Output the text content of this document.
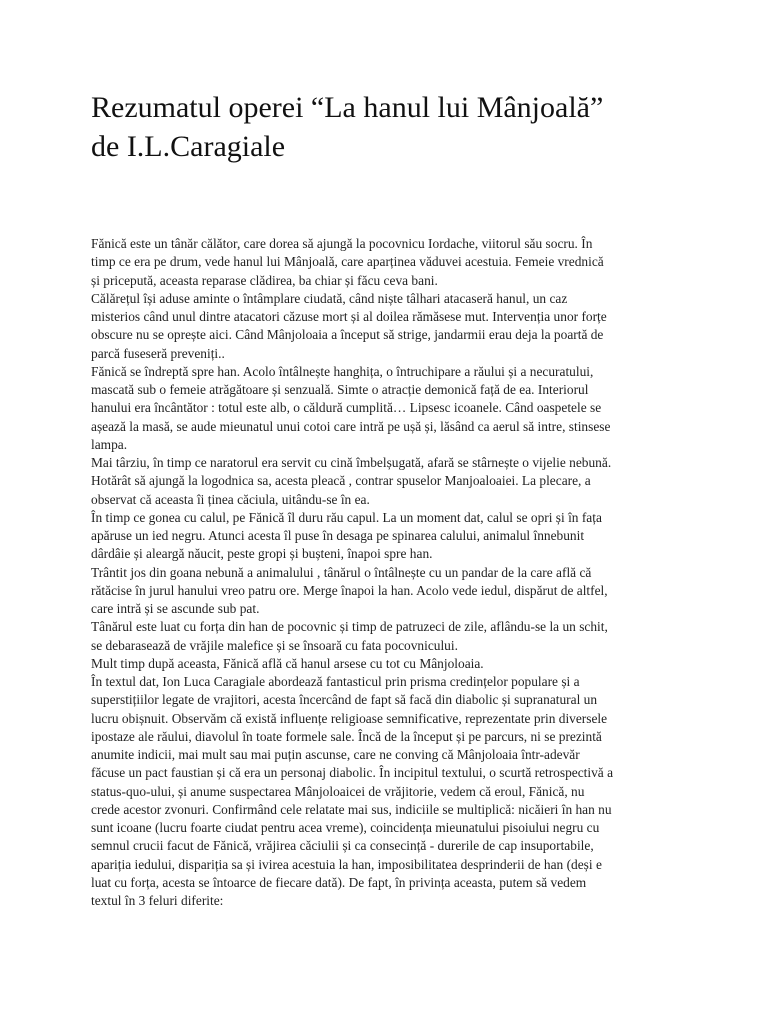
Rezumatul operei “La hanul lui Mânjoală”
de I.L.Caragiale
Fănică este un tânăr călător, care dorea să ajungă la pocovnicu Iordache, viitorul său socru. În
timp ce era pe drum, vede hanul lui Mânjoală, care aparținea văduvei acestuia. Femeie vrednică
și pricepută, aceasta reparase clădirea, ba chiar și făcu ceva bani.
Călărețul își aduse aminte o întâmplare ciudată, când niște tâlhari atacaseră hanul, un caz
misterios când unul dintre atacatori căzuse mort și al doilea rămăsese mut. Intervenția unor forțe
obscure nu se oprește aici. Când Mânjoloaia a început să strige, jandarmii erau deja la poartă de
parcă fuseseră preveniți..
Fănică se îndreptă spre han. Acolo întâlnește hanghița, o întruchipare a răului și a necuratului,
mascată sub o femeie atrăgătoare și senzuală. Simte o atracție demonică față de ea. Interiorul
hanului era încântător : totul este alb, o căldură cumplită… Lipsesc icoanele. Când oaspetele se
așează la masă, se aude mieunatul unui cotoi care intră pe ușă și, lăsând ca aerul să intre, stinsese
lampa.
Mai târziu, în timp ce naratorul era servit cu cină îmbelșugată, afară se stârnește o vijelie nebună.
Hotărât să ajungă la logodnica sa, acesta pleacă , contrar spuselor Manjoaloaiei. La plecare, a
observat că aceasta îi ținea căciula, uitându-se în ea.
În timp ce gonea cu calul, pe Fănică îl duru rău capul. La un moment dat, calul se opri și în fața
apăruse un ied negru. Atunci acesta îl puse în desaga pe spinarea calului, animalul înnebunit
dârdâie și aleargă năucit, peste gropi și bușteni, înapoi spre han.
Trântit jos din goana nebună a animalului , tânărul o întâlnește cu un pandar de la care află că
rătăcise în jurul hanului vreo patru ore. Merge înapoi la han. Acolo vede iedul, dispărut de altfel,
care intră și se ascunde sub pat.
Tânărul este luat cu forța din han de pocovnic și timp de patruzeci de zile, aflându-se la un schit,
se debarasează de vrăjile malefice și se însoară cu fata pocovnicului.
Mult timp după aceasta, Fănică află că hanul arsese cu tot cu Mânjoloaia.
În textul dat, Ion Luca Caragiale abordează fantasticul prin prisma credințelor populare și a
superstițiilor legate de vrajitori, acesta încercând de fapt să facă din diabolic și supranatural un
lucru obișnuit. Observăm că există influențe religioase semnificative, reprezentate prin diversele
ipostaze ale răului, diavolul în toate formele sale. Încă de la început și pe parcurs, ni se prezintă
anumite indicii, mai mult sau mai puțin ascunse, care ne conving că Mânjoloaia într-adevăr
făcuse un pact faustian și că era un personaj diabolic. În incipitul textului, o scurtă retrospectivă a
status-quo-ului, și anume suspectarea Mânjoloaicei de vrăjitorie, vedem că eroul, Fănică, nu
crede acestor zvonuri. Confirmând cele relatate mai sus, indiciile se multiplică: nicăieri în han nu
sunt icoane (lucru foarte ciudat pentru acea vreme), coincidența mieunatului pisoiului negru cu
semnul crucii facut de Fănică, vrăjirea căciulii și ca consecință - durerile de cap insuportabile,
apariția iedului, dispariția sa și ivirea acestuia la han, imposibilitatea desprinderii de han (deși e
luat cu forța, acesta se întoarce de fiecare dată). De fapt, în privința aceasta, putem să vedem
textul în 3 feluri diferite:
